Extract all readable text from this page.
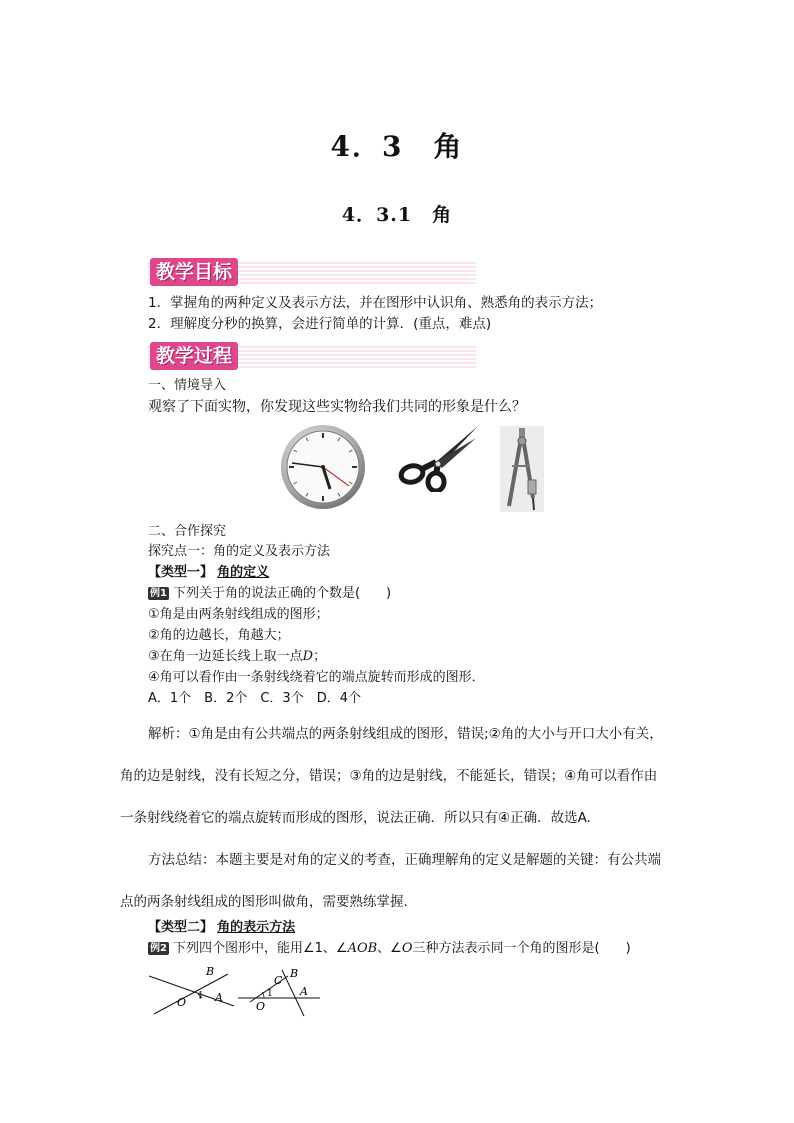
4．3　角
4．3.1　角
教学目标
1．掌握角的两种定义及表示方法，并在图形中认识角、熟悉角的表示方法；
2．理解度分秒的换算，会进行简单的计算．(重点，难点)
教学过程
一、情境导入
观察了下面实物，你发现这些实物给我们共同的形象是什么？
二、合作探究
探究点一：角的定义及表示方法
【类型一】 角的定义
例1 下列关于角的说法正确的个数是(　　)
①角是由两条射线组成的图形；
②角的边越长，角越大；
③在角一边延长线上取一点D；
④角可以看作由一条射线绕着它的端点旋转而形成的图形．
A．1个　B．2个　C．3个　D．4个
解析：①角是由有公共端点的两条射线组成的图形，错误;②角的大小与开口大小有关，
角的边是射线，没有长短之分，错误；③角的边是射线，不能延长，错误；④角可以看作由
一条射线绕着它的端点旋转而形成的图形，说法正确．所以只有④正确．故选A.
方法总结：本题主要是对角的定义的考查，正确理解角的定义是解题的关键：有公共端
点的两条射线组成的图形叫做角，需要熟练掌握．
【类型二】 角的表示方法
例2 下列四个图形中，能用∠1、∠AOB、∠O三种方法表示同一个角的图形是(　　)
B
O 1 A
C
B
O
1 A
